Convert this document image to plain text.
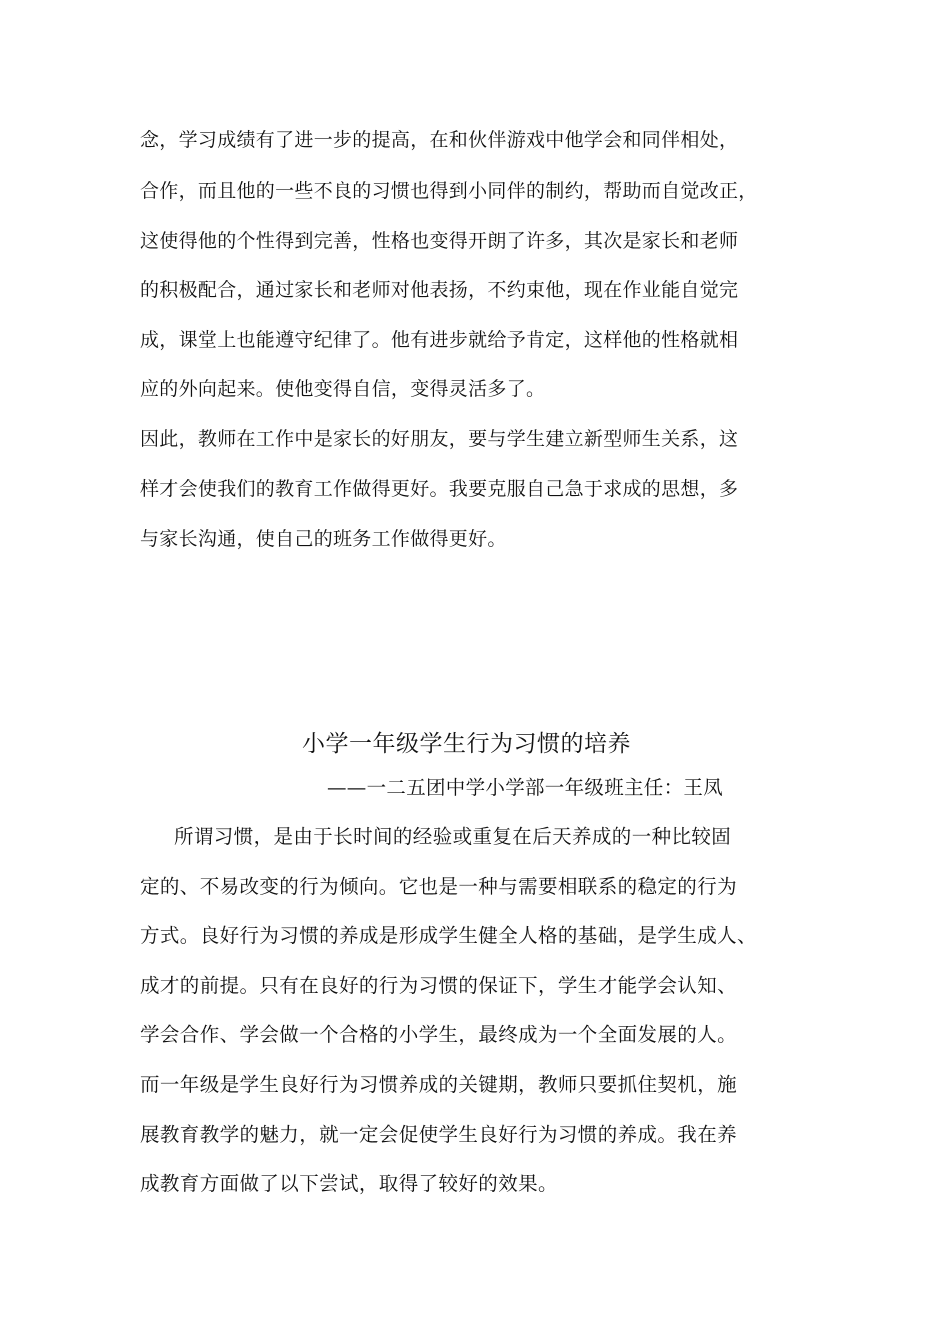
念，学习成绩有了进一步的提高，在和伙伴游戏中他学会和同伴相处，
合作，而且他的一些不良的习惯也得到小同伴的制约，帮助而自觉改正，
这使得他的个性得到完善，性格也变得开朗了许多，其次是家长和老师
的积极配合，通过家长和老师对他表扬，不约束他，现在作业能自觉完
成，课堂上也能遵守纪律了。他有进步就给予肯定，这样他的性格就相
应的外向起来。使他变得自信，变得灵活多了。
因此，教师在工作中是家长的好朋友，要与学生建立新型师生关系，这
样才会使我们的教育工作做得更好。我要克服自己急于求成的思想，多
与家长沟通，使自己的班务工作做得更好。
小学一年级学生行为习惯的培养
——一二五团中学小学部一年级班主任：王凤
所谓习惯，是由于长时间的经验或重复在后天养成的一种比较固
定的、不易改变的行为倾向。它也是一种与需要相联系的稳定的行为
方式。良好行为习惯的养成是形成学生健全人格的基础，是学生成人、
成才的前提。只有在良好的行为习惯的保证下，学生才能学会认知、
学会合作、学会做一个合格的小学生，最终成为一个全面发展的人。
而一年级是学生良好行为习惯养成的关键期，教师只要抓住契机，施
展教育教学的魅力，就一定会促使学生良好行为习惯的养成。我在养
成教育方面做了以下尝试，取得了较好的效果。
